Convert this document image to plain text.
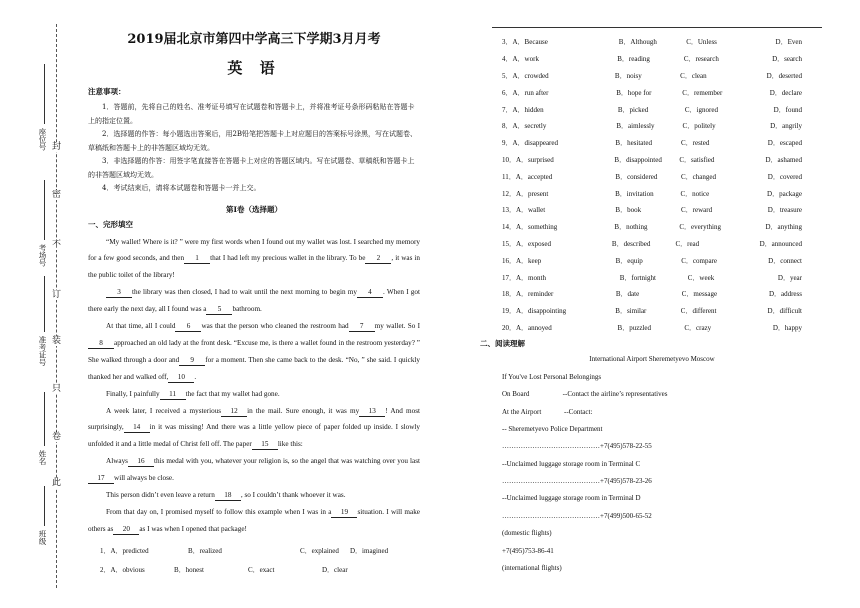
封
密
不
订
装
只
卷
此
座位号
考场号
准考证号
姓名
班级

2019届北京市第四中学高三下学期3月月考

英 语

注意事项：

1．答题前，先将自己的姓名、准考证号填写在试题卷和答题卡上，并将准考证号条形码粘贴在答题卡上的指定位置。

2．选择题的作答：每小题选出答案后，用2B铅笔把答题卡上对应题目的答案标号涂黑，写在试题卷、草稿纸和答题卡上的非答题区域均无效。

3．非选择题的作答：用签字笔直接答在答题卡上对应的答题区域内。写在试题卷、草稿纸和答题卡上的非答题区域均无效。

4．考试结束后，请将本试题卷和答题卡一并上交。

第Ⅰ卷（选择题）

一、完形填空

“My wallet! Where is it? ” were my first words when I found out my wallet was lost. I searched my memory for a few good seconds, and then 1 that I had left my precious wallet in the library. To be 2 , it was in the public toilet of the library!

3 the library was then closed, I had to wait until the next morning to begin my 4 . When I got there early the next day, all I found was a 5 bathroom.

At that time, all I could 6 was that the person who cleaned the restroom had 7 my wallet. So I8 approached an old lady at the front desk. “Excuse me, is there a wallet found in the restroom yesterday? ” She walked through a door and 9 for a moment. Then she came back to the desk. “No, ” she said. I quickly thanked her and walked off, 10 .

Finally, I painfully 11 the fact that my wallet had gone.

A week later, I received a mysterious 12 in the mail. Sure enough, it was my 13 ! And most surprisingly, 14 in it was missing! And there was a little yellow piece of paper folded up inside. I slowly unfolded it and a little medal of Christ fell off. The paper 15 like this:

Always 16 this medal with you, whatever your religion is, so the angel that was watching over you last17 will always be close.

This person didn’t even leave a return 18 , so I couldn’t thank whoever it was.

From that day on, I promised myself to follow this example when I was in a 19 situation. I will make others as 20 as I was when I opened that package!

1．A．predicted	B．realized	C．explained	D．imagined
2．A．obvious	B．honest	C．exact	D．clear
3．A．Because	B．Although	C．Unless	D．Even
4．A．work	B．reading	C．research	D．search
5．A．crowded	B．noisy	C．clean	D．deserted
6．A．run after	B．hope for	C．remember	D．declare
7．A．hidden	B．picked	C．ignored	D．found
8．A．secretly	B．aimlessly	C．politely	D．angrily
9．A．disappeared	B．hesitated	C．rested	D．escaped
10．A．surprised	B．disappointed	C．satisfied	D．ashamed
11．A．accepted	B．considered	C．changed	D．covered
12．A．present	B．invitation	C．notice	D．package
13．A．wallet	B．book	C．reward	D．treasure
14．A．something	B．nothing	C．everything	D．anything
15．A．exposed	B．described	C．read	D．announced
16．A．keep	B．equip	C．compare	D．connect
17．A．month	B．fortnight	C．week	D．year
18．A．reminder	B．date	C．message	D．address
19．A．disappointing	B．similar	C．different	D．difficult
20．A．annoyed	B．puzzled	C．crazy	D．happy

二、阅读理解

International Airport Sheremetyevo Moscow
If You've Lost Personal Belongings
On Board                   --Contact the airline’s representatives
At the Airport             --Contact:
-- Sheremetyevo Police Department
……………………………………+7(495)578-22-55
--Unclaimed luggage storage room in Terminal C
……………………………………+7(495)578-23-26
--Unclaimed luggage storage room in Terminal D
……………………………………+7(499)500-65-52
(domestic flights)
+7(495)753-86-41
(international flights)
